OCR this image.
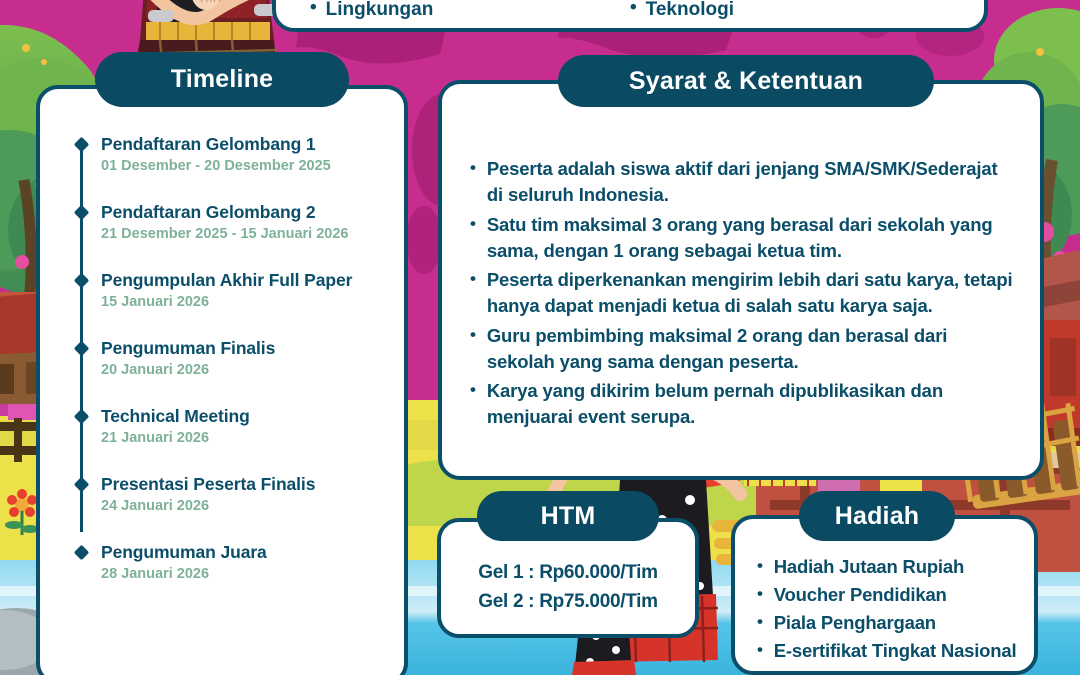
• Lingkungan	• Teknologi
Pendaftaran Gelombang 1
01 Desember - 20 Desember 2025
Pendaftaran Gelombang 2
21 Desember 2025 - 15 Januari 2026
Pengumpulan Akhir Full Paper
15 Januari 2026
Pengumuman Finalis
20 Januari 2026
Technical Meeting
21 Januari 2026
Presentasi Peserta Finalis
24 Januari 2026
Pengumuman Juara
28 Januari 2026
Timeline
• Peserta adalah siswa aktif dari jenjang SMA/SMK/Sederajat di seluruh Indonesia.
• Satu tim maksimal 3 orang yang berasal dari sekolah yang sama, dengan 1 orang sebagai ketua tim.
• Peserta diperkenankan mengirim lebih dari satu karya, tetapi hanya dapat menjadi ketua di salah satu karya saja.
• Guru pembimbing maksimal 2 orang dan berasal dari sekolah yang sama dengan peserta.
• Karya yang dikirim belum pernah dipublikasikan dan menjuarai event serupa.
Syarat & Ketentuan
Gel 1 : Rp60.000/Tim
Gel 2 : Rp75.000/Tim
HTM
• Hadiah Jutaan Rupiah
• Voucher Pendidikan
• Piala Penghargaan
• E-sertifikat Tingkat Nasional
Hadiah
